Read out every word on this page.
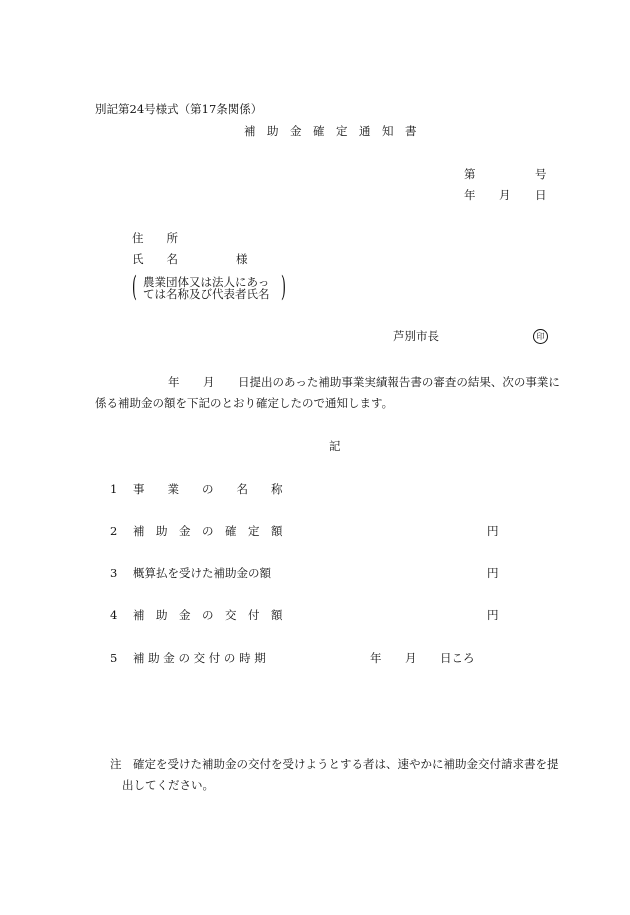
別記第24号様式（第17条関係）
補　助　金　確　定　通　知　書
第	号
年 月 日
住　　所
氏　　名	様
( 農業団体又は法人にあっ
ては名称及び代表者氏名 )
芦別市長	印
年 月 日提出のあった補助事業実績報告書の審査の結果、次の事業に
係る補助金の額を下記のとおり確定したので通知します。
記
1 事　　業　　の　　名　　称
2 補　助　金　の　確　定　額	円
3 概算払を受けた補助金の額	円
4 補　助　金　の　交　付　額	円
5 補 助 金 の 交 付 の 時 期	年 月 日ころ
注 確定を受けた補助金の交付を受けようとする者は、速やかに補助金交付請求書を提
出してください。
